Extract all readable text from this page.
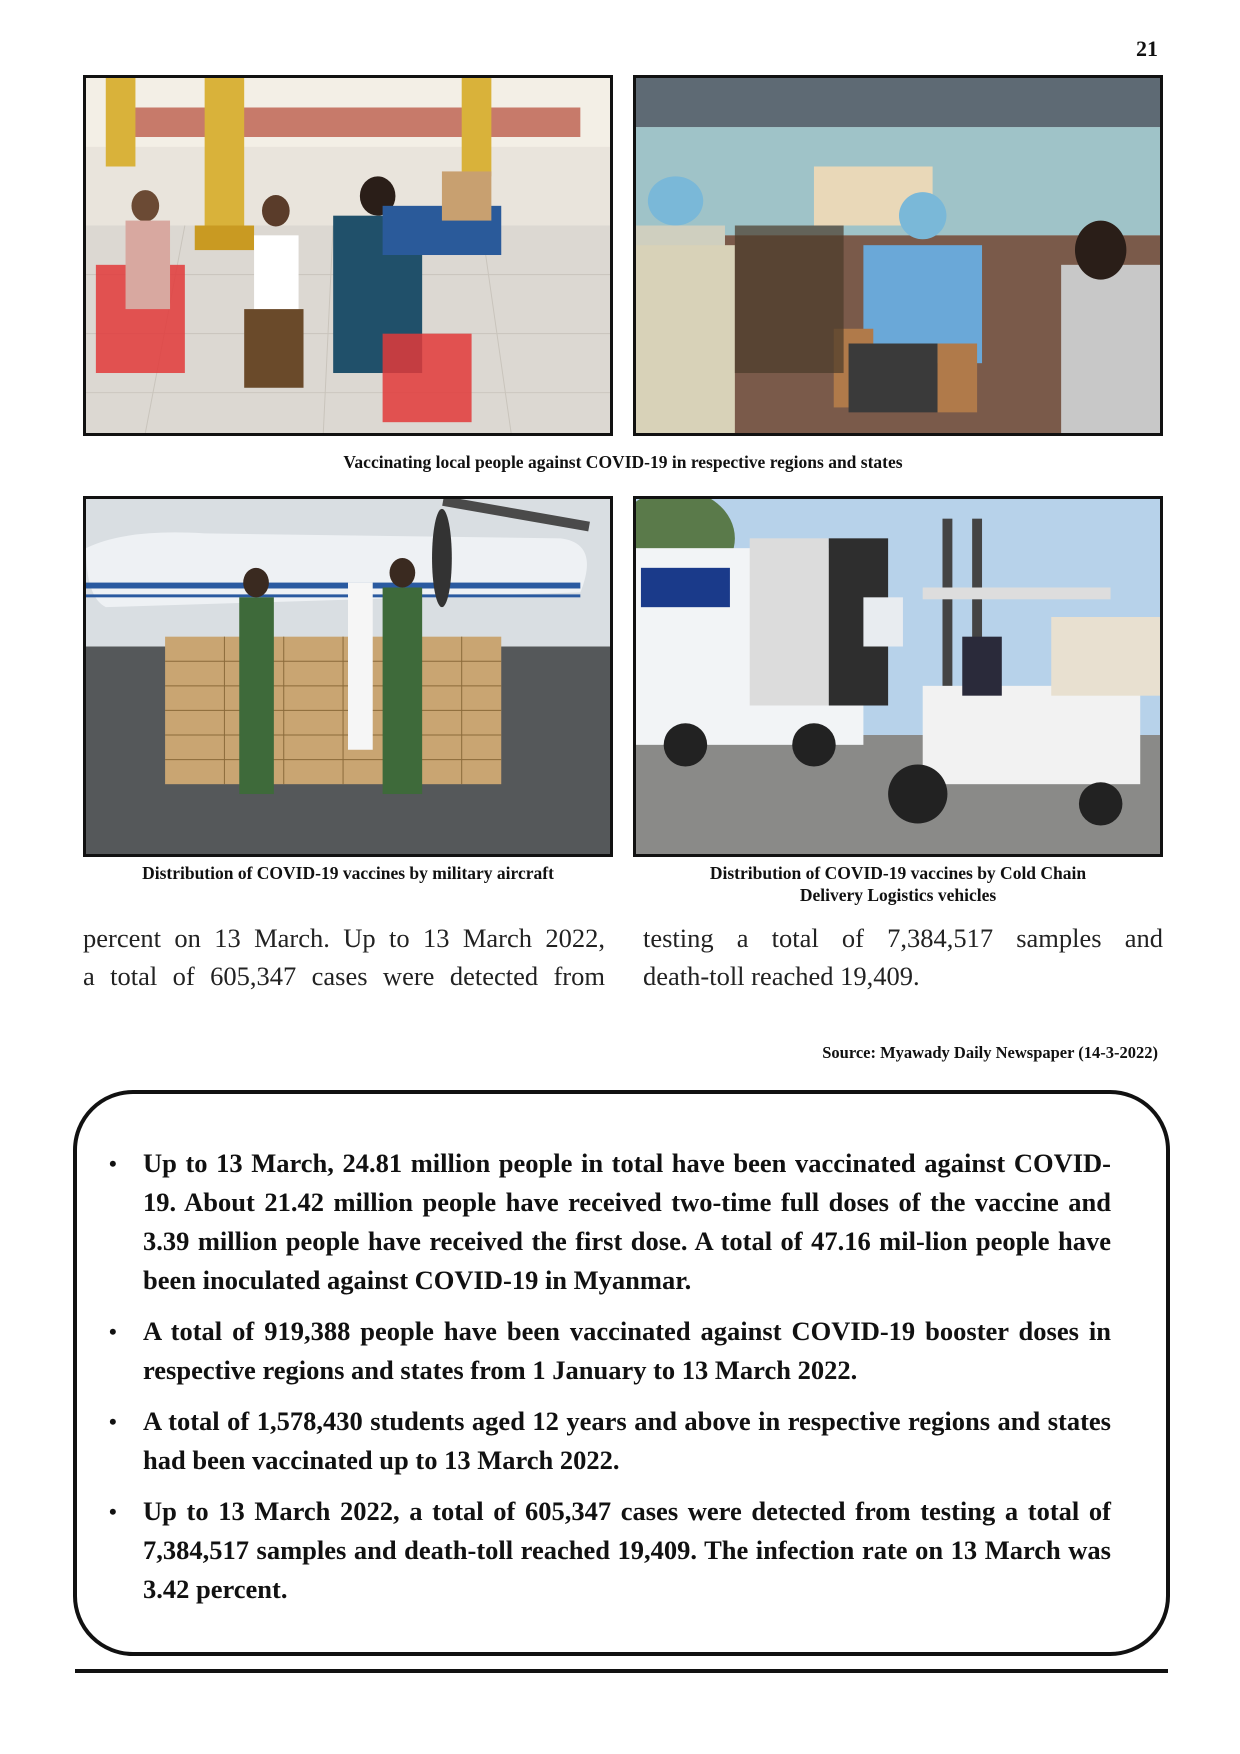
21
Vaccinating local people against COVID-19 in respective regions and states
Distribution of COVID-19 vaccines by military aircraft	Distribution of COVID-19 vaccines by Cold Chain
Delivery Logistics vehicles
percent on 13 March. Up to 13 March 2022,
a total of 605,347 cases were detected from
testing a total of 7,384,517 samples and
death-toll reached 19,409.
Source: Myawady Daily Newspaper (14-3-2022)
• Up to 13 March, 24.81 million people in total have been vaccinated against COVID-19. About 21.42 million people have received two-time full doses of the vaccine and 3.39 million people have received the first dose. A total of 47.16 mil-lion people have been inoculated against COVID-19 in Myanmar.
• A total of 919,388 people have been vaccinated against COVID-19 booster doses in respective regions and states from 1 January to 13 March 2022.
• A total of 1,578,430 students aged 12 years and above in respective regions and states had been vaccinated up to 13 March 2022.
• Up to 13 March 2022, a total of 605,347 cases were detected from testing a total of 7,384,517 samples and death-toll reached 19,409. The infection rate on 13 March was 3.42 percent.
